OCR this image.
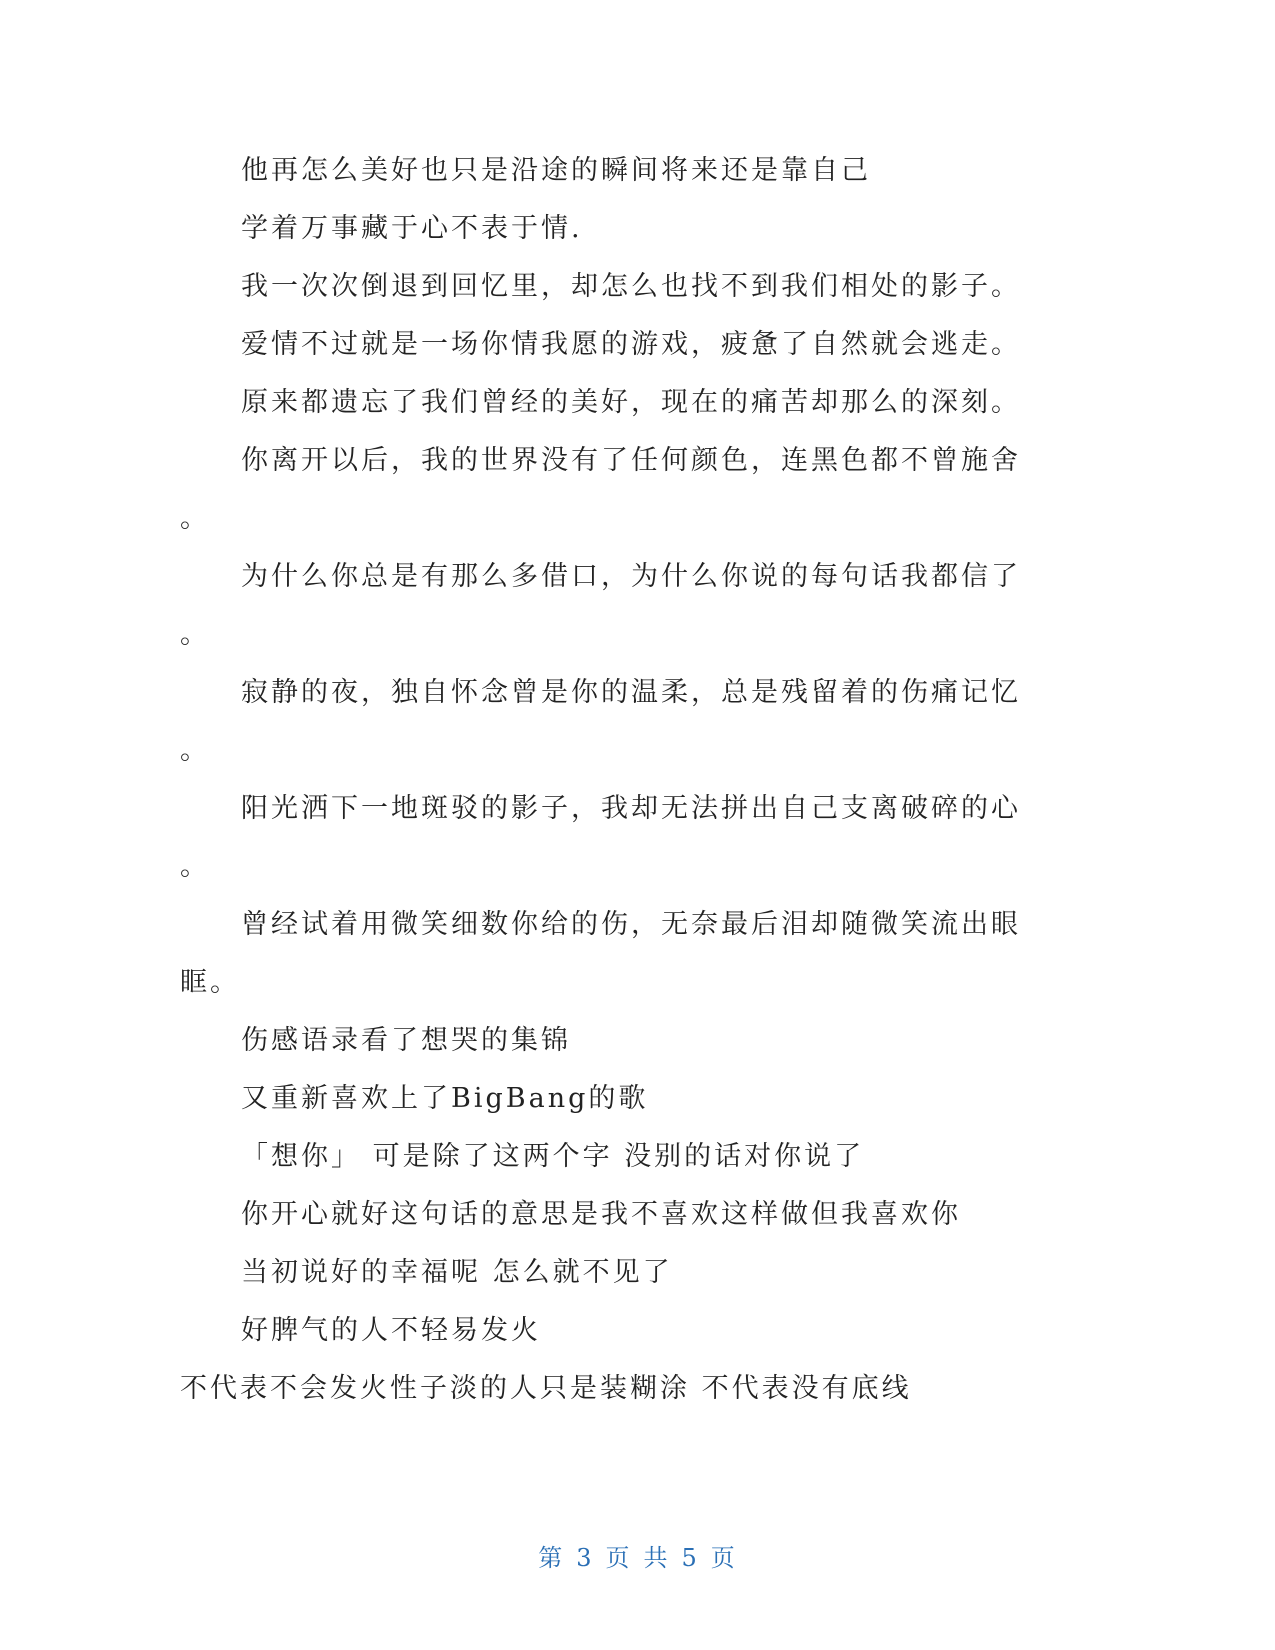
他再怎么美好也只是沿途的瞬间将来还是靠自己
学着万事藏于心不表于情.
我一次次倒退到回忆里，却怎么也找不到我们相处的影子。
爱情不过就是一场你情我愿的游戏，疲惫了自然就会逃走。
原来都遗忘了我们曾经的美好，现在的痛苦却那么的深刻。
你离开以后，我的世界没有了任何颜色，连黑色都不曾施舍
。
为什么你总是有那么多借口，为什么你说的每句话我都信了
。
寂静的夜，独自怀念曾是你的温柔，总是残留着的伤痛记忆
。
阳光洒下一地斑驳的影子，我却无法拼出自己支离破碎的心
。
曾经试着用微笑细数你给的伤，无奈最后泪却随微笑流出眼
眶。
伤感语录看了想哭的集锦
又重新喜欢上了BigBang的歌
「想你」 可是除了这两个字 没别的话对你说了
你开心就好这句话的意思是我不喜欢这样做但我喜欢你
当初说好的幸福呢 怎么就不见了
好脾气的人不轻易发火
不代表不会发火性子淡的人只是装糊涂 不代表没有底线
第 3 页 共 5 页
